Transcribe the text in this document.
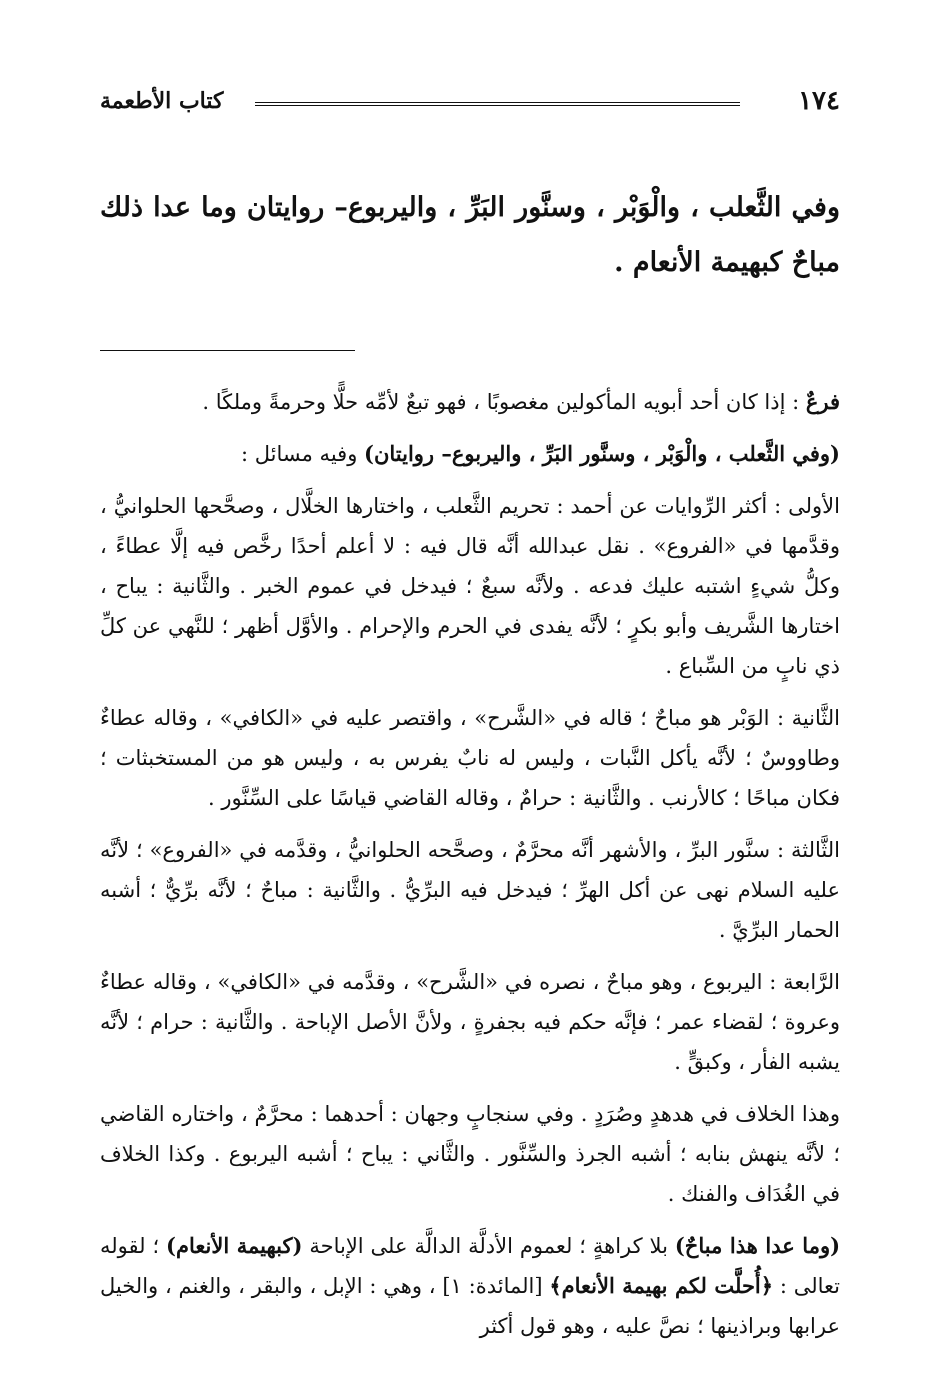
١٧٤
كتاب الأطعمة
وفي الثَّعلب ، والْوَبْر ، وسنَّور البَرِّ ، واليربوع– روايتان وما عدا ذلك مباحٌ كبهيمة الأنعام .

فرعٌ : إذا كان أحد أبويه المأكولين مغصوبًا ، فهو تبعٌ لأمِّه حلًّا وحرمةً وملكًا .

(وفي الثَّعلب ، والْوَبْر ، وسنَّور البَرِّ ، واليربوع– روايتان) وفيه مسائل :

الأولى : أكثر الرِّوايات عن أحمد : تحريم الثَّعلب ، واختارها الخلَّال ، وصحَّحها الحلوانيُّ ، وقدَّمها في «الفروع» . نقل عبدالله أنَّه قال فيه : لا أعلم أحدًا رخَّص فيه إلَّا عطاءً ، وكلُّ شيءٍ اشتبه عليك فدعه . ولأنَّه سبعٌ ؛ فيدخل في عموم الخبر . والثَّانية : يباح ، اختارها الشَّريف وأبو بكرٍ ؛ لأنَّه يفدى في الحرم والإحرام . والأوَّل أظهر ؛ للنَّهي عن كلِّ ذي نابٍ من السِّباع .

الثَّانية : الوَبْر هو مباحٌ ؛ قاله في «الشَّرح» ، واقتصر عليه في «الكافي» ، وقاله عطاءٌ وطاووسٌ ؛ لأنَّه يأكل النَّبات ، وليس له نابٌ يفرس به ، وليس هو من المستخبثات ؛ فكان مباحًا ؛ كالأرنب . والثَّانية : حرامٌ ، وقاله القاضي قياسًا على السِّنَّور .

الثَّالثة : سنَّور البرِّ ، والأشهر أنَّه محرَّمٌ ، وصحَّحه الحلوانيُّ ، وقدَّمه في «الفروع» ؛ لأنَّه عليه السلام نهى عن أكل الهرِّ ؛ فيدخل فيه البرِّيُّ . والثَّانية : مباحٌ ؛ لأنَّه برِّيٌّ ؛ أشبه الحمار البرِّيَّ .

الرَّابعة : اليربوع ، وهو مباحٌ ، نصره في «الشَّرح» ، وقدَّمه في «الكافي» ، وقاله عطاءٌ وعروة ؛ لقضاء عمر ؛ فإنَّه حكم فيه بجفرةٍ ، ولأنَّ الأصل الإباحة . والثَّانية : حرام ؛ لأنَّه يشبه الفأر ، وكبقٍّ .

وهذا الخلاف في هدهدٍ وصُرَدٍ . وفي سنجابٍ وجهان : أحدهما : محرَّمٌ ، واختاره القاضي ؛ لأنَّه ينهش بنابه ؛ أشبه الجرذ والسِّنَّور . والثَّاني : يباح ؛ أشبه اليربوع . وكذا الخلاف في الغُدَاف والفنك .

(وما عدا هذا مباحٌ) بلا كراهةٍ ؛ لعموم الأدلَّة الدالَّة على الإباحة (كبهيمة الأنعام) ؛ لقوله تعالى : ﴿أُحلَّت لكم بهيمة الأنعام﴾ [المائدة: ١] ، وهي : الإبل ، والبقر ، والغنم ، والخيل عرابها وبراذينها ؛ نصَّ عليه ، وهو قول أكثر
